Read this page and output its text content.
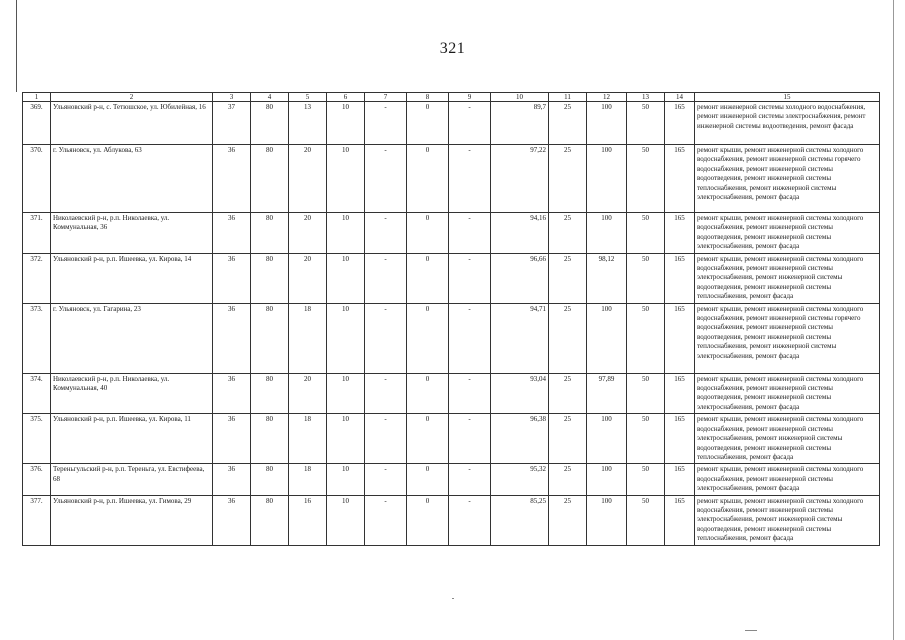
321
1	2	3	4	5	6	7	8	9	10	11	12	13	14	15
369.	Ульяновский р-н, с. Тетюшское, ул. Юбилейная, 16	37	80	13	10	-	0	-	89,7	25	100	50	165	ремонт инженерной системы холодного водоснабжения, ремонт инженерной системы электроснабжения, ремонт инженерной системы водоотведения, ремонт фасада
370.	г. Ульяновск, ул. Аблукова, 63	36	80	20	10	-	0	-	97,22	25	100	50	165	ремонт крыши, ремонт инженерной системы холодного водоснабжения, ремонт инженерной системы горячего водоснабжения, ремонт инженерной системы водоотведения, ремонт инженерной системы теплоснабжения, ремонт инженерной системы электроснабжения, ремонт фасада
371.	Николаевский р-н, р.п. Николаевка, ул. Коммунальная, 36	36	80	20	10	-	0	-	94,16	25	100	50	165	ремонт крыши, ремонт инженерной системы холодного водоснабжения, ремонт инженерной системы водоотведения, ремонт инженерной системы электроснабжения, ремонт фасада
372.	Ульяновский р-н, р.п. Ишеевка, ул. Кирова, 14	36	80	20	10	-	0	-	96,66	25	98,12	50	165	ремонт крыши, ремонт инженерной системы холодного водоснабжения, ремонт инженерной системы электроснабжения, ремонт инженерной системы водоотведения, ремонт инженерной системы теплоснабжения, ремонт фасада
373.	г. Ульяновск, ул. Гагарина, 23	36	80	18	10	-	0	-	94,71	25	100	50	165	ремонт крыши, ремонт инженерной системы холодного водоснабжения, ремонт инженерной системы горячего водоснабжения, ремонт инженерной системы водоотведения, ремонт инженерной системы теплоснабжения, ремонт инженерной системы электроснабжения, ремонт фасада
374.	Николаевский р-н, р.п. Николаевка, ул. Коммунальная, 40	36	80	20	10	-	0	-	93,04	25	97,89	50	165	ремонт крыши, ремонт инженерной системы холодного водоснабжения, ремонт инженерной системы водоотведения, ремонт инженерной системы электроснабжения, ремонт фасада
375.	Ульяновский р-н, р.п. Ишеевка, ул. Кирова, 11	36	80	18	10	-	0	-	96,38	25	100	50	165	ремонт крыши, ремонт инженерной системы холодного водоснабжения, ремонт инженерной системы электроснабжения, ремонт инженерной системы водоотведения, ремонт инженерной системы теплоснабжения, ремонт фасада
376.	Тереньгульский р-н, р.п. Тереньга, ул. Евстифеева, 68	36	80	18	10	-	0	-	95,32	25	100	50	165	ремонт крыши, ремонт инженерной системы холодного водоснабжения, ремонт инженерной системы электроснабжения, ремонт фасада
377.	Ульяновский р-н, р.п. Ишеевка, ул. Гимова, 29	36	80	16	10	-	0	-	85,25	25	100	50	165	ремонт крыши, ремонт инженерной системы холодного водоснабжения, ремонт инженерной системы электроснабжения, ремонт инженерной системы водоотведения, ремонт инженерной системы теплоснабжения, ремонт фасада
